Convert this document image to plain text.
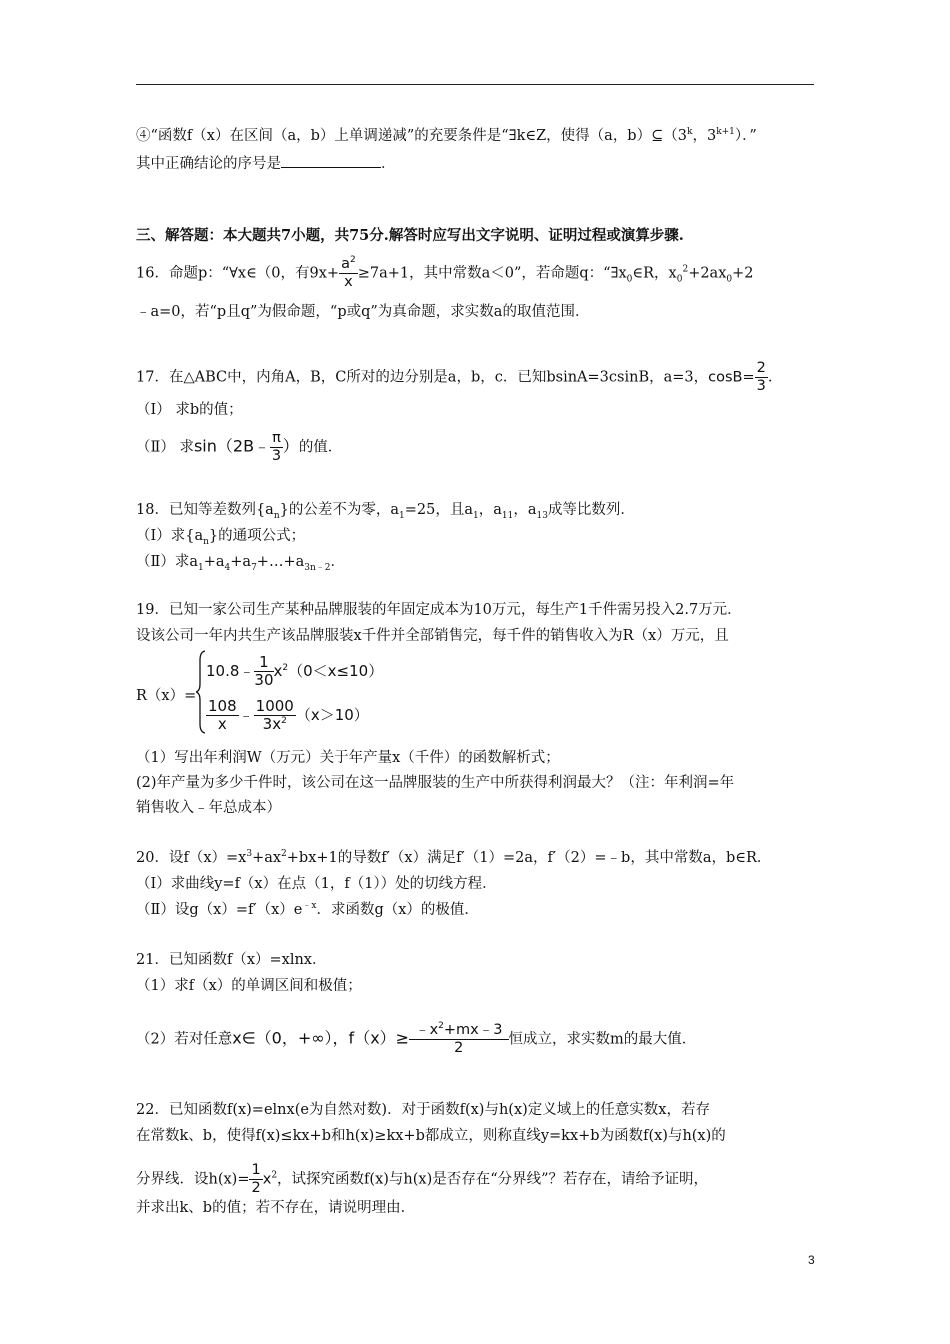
④“函数f（x）在区间（a，b）上单调递减”的充要条件是“∃k∈Z，使得（a，b）⊆（3$^k$，$3^{k+1}$）．”
其中正确结论的序号是	．
三、解答题：本大题共7小题，共75分.解答时应写出文字说明、证明过程或演算步骤.
16．命题p：“∀x∈（0，有$9x+ \frac{a^2}{x} \ge 7a+1$，其中常数a＜0”，若命题q：“$\exists x_0\in R$，$x_0^2+2ax_0+2$
﹣a=0，若“p且q”为假命题，“p或q”为真命题，求实数a的取值范围．
17．在△ABC中，内角A，B，C所对的边分别是a，b，c．已知bsinA=3csinB，a=3，$\cos B= \frac{2}{3}$ .
（Ⅰ） 求b的值；
（Ⅱ） 求sin（2B﹣ $\frac{\pi}{3}$ ）的值．
18．已知等差数列$\{a_n\}$的公差不为零，$a_1=25$，且$a_1$，$a_{11}$，$a_{13}$成等比数列．
（Ⅰ）求$\{a_n\}$的通项公式；
（Ⅱ）求$a_1+a_4+a_7+\dots+a_{3n﹣2}$．
19．已知一家公司生产某种品牌服装的年固定成本为10万元，每生产1千件需另投入2.7万元．
设该公司一年内共生产该品牌服装x千件并全部销售完，每千件的销售收入为R（x）万元，且
R（x）=
10.8﹣ $\frac{1}{30} x^2(0<x\le 10)$
$\frac{108}{x}$ ﹣ $\frac{1000}{3x^2} (x>10)$
（1）写出年利润W（万元）关于年产量x（千件）的函数解析式；
(2)年产量为多少千件时，该公司在这一品牌服装的生产中所获得利润最大？（注：年利润=年
销售收入﹣年总成本）
20．设$f(x)=x^3+ax^2+bx+1$的导数f′（x）满足f′（1）=2a，f′（2）=﹣b，其中常数a，b∈R．
（Ⅰ）求曲线y=f（x）在点（1，f（1））处的切线方程．
（Ⅱ）设$g(x)=f'(x)e^{﹣x}$．求函数g（x）的极值．
21．已知函数f（x）=xlnx．
（1）求f（x）的单调区间和极值；
（2）若对任意x∈（0，+∞），$f(x)\ge \frac{﹣x^2+mx﹣3}{2}$ 恒成立，求实数m的最大值．
22．已知函数f(x)=elnx(e为自然对数)．对于函数f(x)与h(x)定义域上的任意实数x，若存
在常数k、b，使得f(x)≤kx+b和h(x)≥kx+b都成立，则称直线y=kx+b为函数f(x)与h(x)的
分界线．设$h(x)= \frac{1}{2} x^2$，试探究函数f(x)与h(x)是否存在“分界线”？若存在，请给予证明，
并求出k、b的值；若不存在，请说明理由．
3
